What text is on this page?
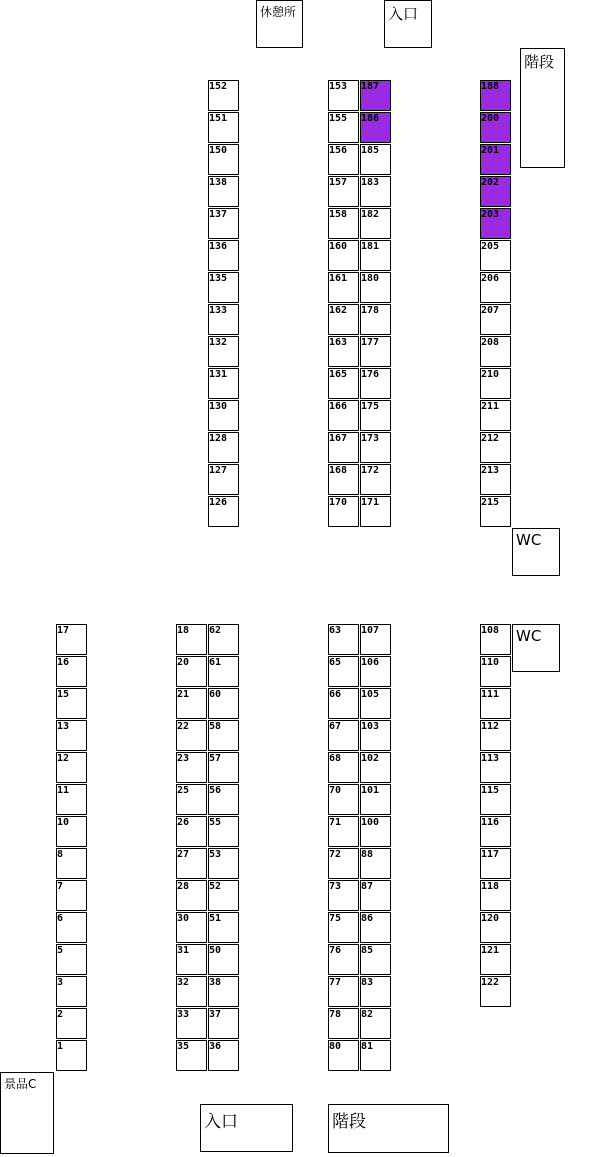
休憩所	入口
階段
WC
WC
景品C
入口	階段
152
151
150
138
137
136
135
133
132
131
130
128
127
126
153
155
156
157
158
160
161
162
163
165
166
167
168
170
187
186
185
183
182
181
180
178
177
176
175
173
172
171
188
200
201
202
203
205
206
207
208
210
211
212
213
215
17
16
15
13
12
11
10
8
7
6
5
3
2
1
18
20
21
22
23
25
26
27
28
30
31
32
33
35
62
61
60
58
57
56
55
53
52
51
50
38
37
36
63
65
66
67
68
70
71
72
73
75
76
77
78
80
107
106
105
103
102
101
100
88
87
86
85
83
82
81
108
110
111
112
113
115
116
117
118
120
121
122
